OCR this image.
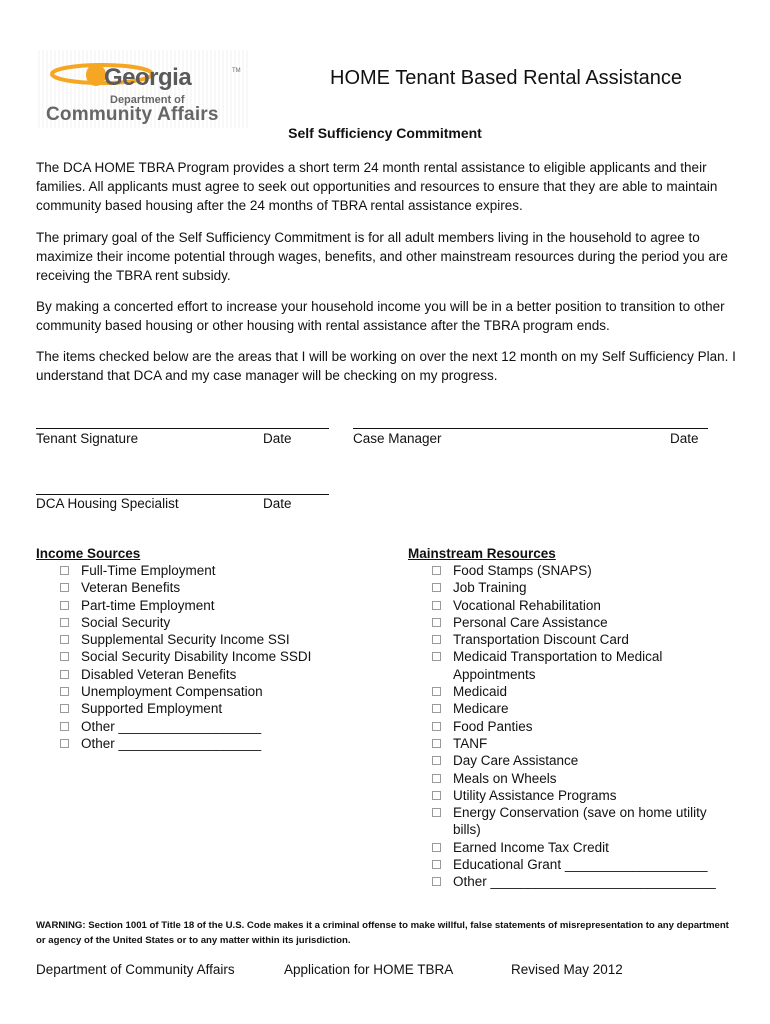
Georgia	TM
Department of
Community Affairs
HOME Tenant Based Rental Assistance
Self Sufficiency Commitment

The DCA HOME TBRA Program provides a short term 24 month rental assistance to eligible applicants and their families. All applicants must agree to seek out opportunities and resources to ensure that they are able to maintain community based housing after the 24 months of TBRA rental assistance expires.

The primary goal of the Self Sufficiency Commitment is for all adult members living in the household to agree to maximize their income potential through wages, benefits, and other mainstream resources during the period you are receiving the TBRA rent subsidy.

By making a concerted effort to increase your household income you will be in a better position to transition to other community based housing or other housing with rental assistance after the TBRA program ends.

The items checked below are the areas that I will be working on over the next 12 month on my Self Sufficiency Plan. I understand that DCA and my case manager will be checking on my progress.

Tenant Signature	Date	Case Manager	Date
DCA Housing Specialist	Date
Income Sources
Full-Time Employment
Veteran Benefits
Part-time Employment
Social Security
Supplemental Security Income SSI
Social Security Disability Income SSDI
Disabled Veteran Benefits
Unemployment Compensation
Supported Employment
Other ___________________
Other ___________________
Mainstream Resources
Food Stamps (SNAPS)
Job Training
Vocational Rehabilitation
Personal Care Assistance
Transportation Discount Card
Medicaid Transportation to Medical Appointments
Medicaid
Medicare
Food Panties
TANF
Day Care Assistance
Meals on Wheels
Utility Assistance Programs
Energy Conservation (save on home utility bills)
Earned Income Tax Credit
Educational Grant ___________________
Other ______________________________
WARNING: Section 1001 of Title 18 of the U.S. Code makes it a criminal offense to make willful, false statements of misrepresentation to any department or agency of the United States or to any matter within its jurisdiction.
Department of Community Affairs	Application for HOME TBRA	Revised May 2012
